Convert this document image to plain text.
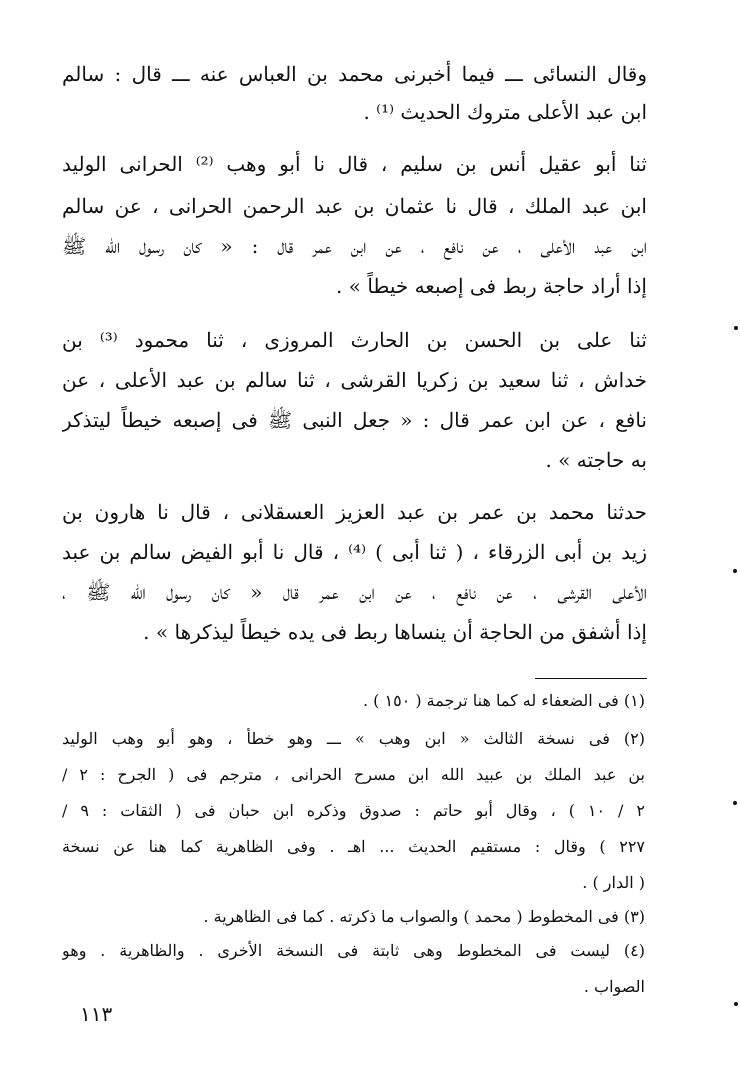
وقال النسائى ـــ فيما أخبرنى محمد بن العباس عنه ـــ قال : سالم
ابن عبد الأعلى متروك الحديث ⁽¹⁾ .
ثنا أبو عقيل أنس بن سليم ، قال نا أبو وهب ⁽²⁾ الحرانى الوليد
ابن عبد الملك ، قال نا عثمان بن عبد الرحمن الحرانى ، عن سالم
ابن عبد الأعلى ، عن نافع ، عن ابن عمر قال : « كان رسول الله ﷺ
إذا أراد حاجة ربط فى إصبعه خيطاً » .
ثنا على بن الحسن بن الحارث المروزى ، ثنا محمود ⁽³⁾ بن
خداش ، ثنا سعيد بن زكريا القرشى ، ثنا سالم بن عبد الأعلى ، عن
نافع ، عن ابن عمر قال : « جعل النبى ﷺ فى إصبعه خيطاً ليتذكر
به حاجته » .
حدثنا محمد بن عمر بن عبد العزيز العسقلانى ، قال نا هارون بن
زيد بن أبى الزرقاء ، ( ثنا أبى ) ⁽⁴⁾ ، قال نا أبو الفيض سالم بن عبد
الأعلى القرشى ، عن نافع ، عن ابن عمر قال « كان رسول الله ﷺ ،
إذا أشفق من الحاجة أن ينساها ربط فى يده خيطاً ليذكرها » .
(١) فى الضعفاء له كما هنا ترجمة ( ١٥٠ ) .
(٢) فى نسخة الثالث « ابن وهب » ـــ وهو خطأ ، وهو أبو وهب الوليد
بن عبد الملك بن عبيد الله ابن مسرح الحرانى ، مترجم فى ( الجرح : ٢ /
٢ / ١٠ ) ، وقال أبو حاتم : صدوق وذكره ابن حبان فى ( الثقات : ٩ /
٢٢٧ ) وقال : مستقيم الحديث ... اهـ . وفى الظاهرية كما هنا عن نسخة
( الدار ) .
(٣) فى المخطوط ( محمد ) والصواب ما ذكرته . كما فى الظاهرية .
(٤) ليست فى المخطوط وهى ثابتة فى النسخة الأخرى . والظاهرية . وهو
الصواب .
١١٣
